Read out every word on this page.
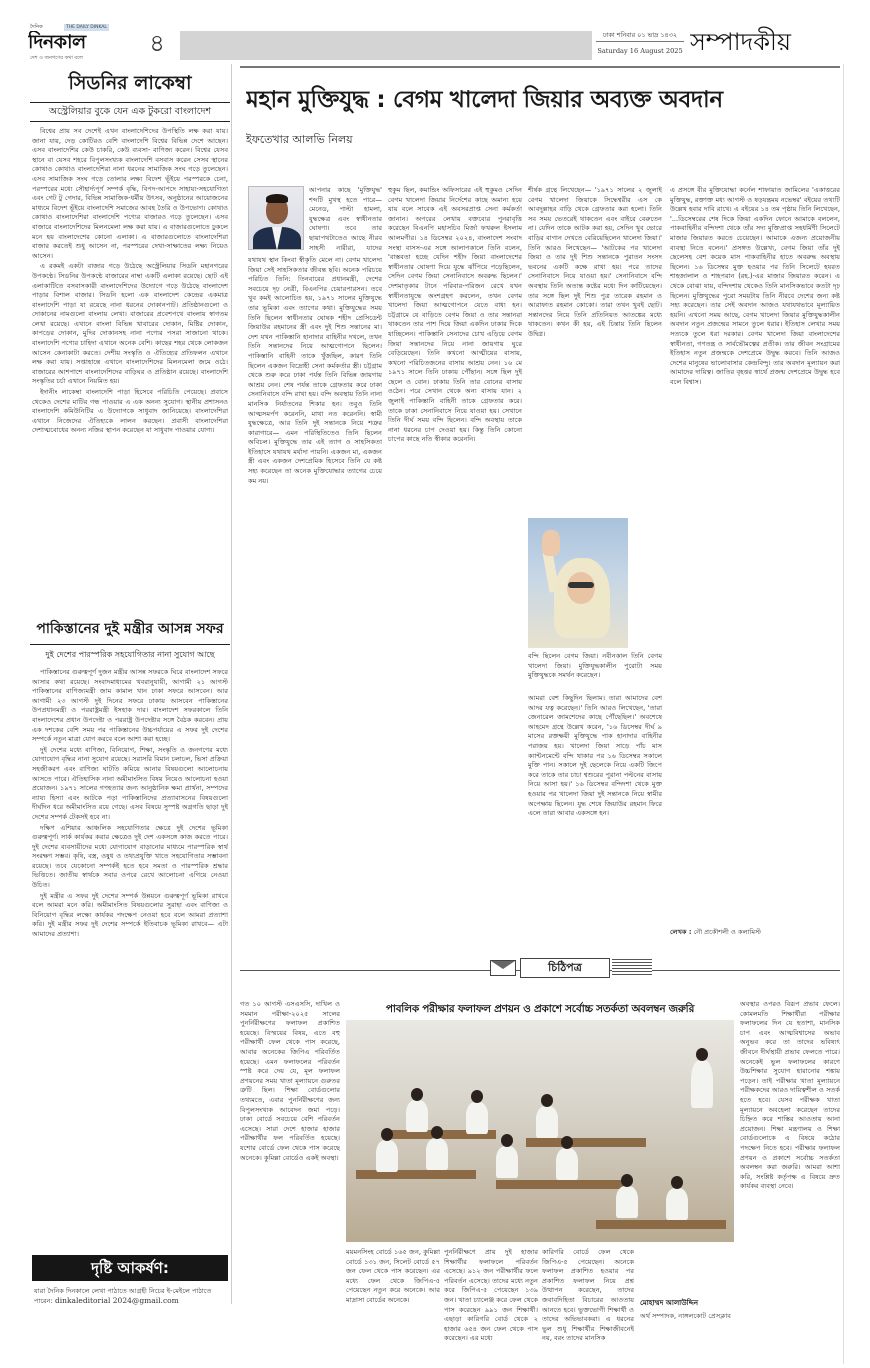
দৈনিক	THE DAILY DINKAL
দিনকাল
দেশ ও জনগণের কথা বলে
৪	ঢাকা শনিবার ০১ ভাদ্র ১৪৩২
Saturday 16 August 2025 সম্পাদকীয়
সিডনির লাকেম্বা
অস্ট্রেলিয়ার বুকে যেন এক টুকরো বাংলাদেশ

বিশ্বের প্রায় সব দেশেই এখন বাংলাদেশিদের উপস্থিতি লক্ষ করা যায়। জানা যায়, দেড় কোটিরও বেশি বাংলাদেশি বিশ্বের বিভিন্ন দেশে আছেন। এসব বাংলাদেশির কেউ চাকরি, কেউ ব্যবসা- বাণিজ্য করেন। বিশ্বের যেসব স্থানে বা যেসব শহরে বিপুলসংখ্যক বাংলাদেশি বসবাস করেন সেসব স্থানের কোথাও কোথাও বাংলাদেশিরা নানা ধরনের সামাজিক সংঘ গড়ে তুলেছেন। এসব সামাজিক সংঘ গড়ে তোলার লক্ষ্য বিদেশ ভূঁইয়ে পরস্পরকে চেনা, পরস্পরের মধ্যে সৌহার্দ্যপূর্ণ সম্পর্ক বৃদ্ধি, বিপদ-আপদে সাহায্য-সহযোগিতা এবং গেট টু গেদার, বিভিন্ন সামাজিক-ধর্মীয় উৎসব, অনুষ্ঠানের আয়োজনের মাধ্যমে বিদেশ ভূঁইয়ে বাংলাদেশি সমাজের আবহ তৈরি ও উপভোগ। কোথাও কোথাও বাংলাদেশিরা বাংলাদেশি পণ্যের বাজারও গড়ে তুলেছেন। এসব বাজারে বাংলাদেশিদের মিলনমেলা লক্ষ করা যায়। এ বাজারগুলোতে ঢুকলে মনে হয় বাংলাদেশের কোনো এলাকা। এ বাজারগুলোতে বাংলাদেশিরা বাজার করতেই শুধু আসেন না, পরস্পরের দেখা-সাক্ষাতের লক্ষ্য নিয়েও আসেন।

এ রকমই একটা বাজার গড়ে উঠেছে অস্ট্রেলিয়ার সিডনি মহানগরের উপকণ্ঠে। সিডনির উপকণ্ঠে বাজারের নাম্বা একটি এলাকা রয়েছে। ছোট এই এলাকাটিতে বসবাসকারী বাংলাদেশিদের উদ্যোগে গড়ে উঠেছে বাংলাদেশ পাড়ার বিশাল বাজার। সিডনি হলো এক বাংলাদেশ কেন্দ্রের একমাত্র বাংলাদেশি পাড়া যা রয়েছে নানা ধরনের দোকানপাট। প্রতিষ্ঠানগুলো ও দোকানের নামগুলো বাংলায় লেখা। বাজারের প্রবেশপথে বাংলায় স্বাগতম লেখা রয়েছে। এখানে বাংলা বিভিন্ন খাবারের দোকান, মিষ্টির দোকান, কাপড়ের দোকান, মুদির দোকানসহ নানা পণ্যের পসরা সাজানো থাকে। বাংলাদেশি পণ্যের চাহিদা এখানে অনেক বেশি। কাছের শহর থেকে লোকজন আসেন কেনাকাটা করতে। দেশীয় সংস্কৃতি ও ঐতিহ্যের প্রতিফলন এখানে লক্ষ করা যায়। সপ্তাহান্তে এখানে বাংলাদেশিদের মিলনমেলা জমে ওঠে। বাজারের আশপাশে বাংলাদেশিদের বাড়িঘর ও প্রতিষ্ঠান রয়েছে। বাংলাদেশি সংস্কৃতির চর্চা এখানে নিয়মিত হয়।

ইদানীং লাকেম্বা বাংলাদেশি পাড়া হিসেবে পরিচিতি পেয়েছে। প্রবাসে থেকেও দেশের মাটির গন্ধ পাওয়ার এ এক অনন্য সুযোগ। স্থানীয় প্রশাসনও বাংলাদেশি কমিউনিটির এ উদ্যোগকে সাধুবাদ জানিয়েছে। বাংলাদেশিরা এখানে নিজেদের ঐতিহ্যকে লালন করছেন। প্রবাসী বাংলাদেশিরা দেশাত্মবোধের অনন্য নজির স্থাপন করেছেন যা সাধুবাদ পাওয়ার যোগ্য।

পাকিস্তানের দুই মন্ত্রীর আসন্ন সফর
দুই দেশের পারস্পরিক সহযোগিতার নানা সুযোগ আছে

পাকিস্তানের গুরুত্বপূর্ণ দুজন মন্ত্রীর আসন্ন সফরকে ঘিরে বাংলাদেশ সফরে আসার কথা রয়েছে। সংবাদমাধ্যমের খবরানুযায়ী, আগামী ২১ আগস্ট পাকিস্তানের বাণিজ্যমন্ত্রী জাম কামাল খান ঢাকা সফরে আসবেন। আর আগামী ২৩ আগস্ট দুই দিনের সফরে ঢাকায় আসবেন পাকিস্তানের উপপ্রধানমন্ত্রী ও পররাষ্ট্রমন্ত্রী ইসহাক দার। বাংলাদেশ সফরকালে তিনি বাংলাদেশের প্রধান উপদেষ্টা ও পররাষ্ট্র উপদেষ্টার সঙ্গে বৈঠক করবেন। প্রায় এক দশকের বেশি সময় পর পাকিস্তানের উচ্চপর্যায়ের এ সফর দুই দেশের সম্পর্কে নতুন মাত্রা যোগ করবে বলে আশা করা হচ্ছে।

দুই দেশের মধ্যে বাণিজ্য, বিনিয়োগ, শিক্ষা, সংস্কৃতি ও জনগণের মধ্যে যোগাযোগ বৃদ্ধির নানা সুযোগ রয়েছে। সরাসরি বিমান চলাচল, ভিসা প্রক্রিয়া সহজীকরণ এবং বাণিজ্য ঘাটতি কমিয়ে আনার বিষয়গুলো আলোচনায় আসতে পারে। ঐতিহাসিক নানা অমীমাংসিত বিষয় নিয়েও আলোচনা হওয়া প্রয়োজন। ১৯৭১ সালের গণহত্যার জন্য আনুষ্ঠানিক ক্ষমা প্রার্থনা, সম্পদের ন্যায্য হিস্যা এবং আটকে পড়া পাকিস্তানিদের প্রত্যাবাসনের বিষয়গুলো দীর্ঘদিন ধরে অমীমাংসিত রয়ে গেছে। এসব বিষয়ে সুস্পষ্ট অগ্রগতি ছাড়া দুই দেশের সম্পর্ক টেকসই হবে না।

দক্ষিণ এশিয়ার আঞ্চলিক সহযোগিতার ক্ষেত্রে দুই দেশের ভূমিকা গুরুত্বপূর্ণ। সার্ক কার্যকর করার ক্ষেত্রেও দুই দেশ একসঙ্গে কাজ করতে পারে। দুই দেশের ব্যবসায়ীদের মধ্যে যোগাযোগ বাড়ানোর মাধ্যমে পারস্পরিক স্বার্থ সংরক্ষণ সম্ভব। কৃষি, বস্ত্র, ওষুধ ও তথ্যপ্রযুক্তি খাতে সহযোগিতার সম্ভাবনা রয়েছে। তবে যেকোনো সম্পর্কই হতে হবে সমতা ও পারস্পরিক শ্রদ্ধার ভিত্তিতে। জাতীয় স্বার্থকে সবার ওপরে রেখে আলোচনা এগিয়ে নেওয়া উচিত।

দুই মন্ত্রীর এ সফর দুই দেশের সম্পর্ক উন্নয়নে গুরুত্বপূর্ণ ভূমিকা রাখবে বলে আমরা মনে করি। অমীমাংসিত বিষয়গুলোর সুরাহা এবং বাণিজ্য ও বিনিয়োগ বৃদ্ধির লক্ষ্যে কার্যকর পদক্ষেপ নেওয়া হবে বলে আমরা প্রত্যাশা করি। দুই মন্ত্রীর সফর দুই দেশের সম্পর্কে ইতিবাচক ভূমিকা রাখবে— এটা আমাদের প্রত্যাশা।

দৃষ্টি আকর্ষণ:
যারা দৈনিক দিনকালে লেখা পাঠাতে আগ্রহী নিচের ই-মেইলে পাঠাতে পারেন: dinkaleditorial 2024@gmail.com
মহান মুক্তিযুদ্ধ : বেগম খালেদা জিয়ার অব্যক্ত অবদান
ইফতেখার আলভি নিলয়
আপনার কাছে 'মুক্তিযুদ্ধ' শব্দটি মুখস্থ হতে পারে— মেনেড, পাল্টা হামলা, যুদ্ধক্ষেত্র এবং স্বাধীনতার ঘোষণা। তবে তার ছায়াপথটাতেও আছে নীরব সাহসী নারীরা, যাদের
যথাযথ স্থান কিংবা স্বীকৃতি মেলে না। বেগম খালেদা জিয়া সেই সাহসিকতার জীবন্ত ছবি। অনেক পরিচয়ে পরিচিত তিনি: তিনবারের প্রধানমন্ত্রী, দেশের সবচেয়ে দৃঢ় নেত্রী, বিএনপির চেয়ারপারসন। তবে খুব কমই আলোচিত হয়, ১৯৭১ সালের মুক্তিযুদ্ধে তার ভূমিকা এবং ত্যাগের কথা। মুক্তিযুদ্ধের সময় তিনি ছিলেন স্বাধীনতার ঘোষক শহীদ প্রেসিডেন্ট জিয়াউর রহমানের স্ত্রী এবং দুই শিশু সন্তানের মা। দেশ যখন পাকিস্তানি হানাদার বাহিনীর দখলে, তখন তিনি সন্তানদের নিয়ে আত্মগোপনে ছিলেন। পাকিস্তানি বাহিনী তাকে খুঁজছিল, কারণ তিনি ছিলেন একজন বিদ্রোহী সেনা কর্মকর্তার স্ত্রী। চট্টগ্রাম থেকে শুরু করে ঢাকা পর্যন্ত তিনি বিভিন্ন জায়গায় আশ্রয় নেন। শেষ পর্যন্ত তাকে গ্রেফতার করে ঢাকা সেনানিবাসে বন্দি রাখা হয়। বন্দি অবস্থায় তিনি নানা মানসিক নির্যাতনের শিকার হন। তবুও তিনি আত্মসমর্পণ করেননি, মাথা নত করেননি। স্বামী যুদ্ধক্ষেত্রে, আর তিনি দুই সন্তানকে নিয়ে শত্রুর কারাগারে— এমন পরিস্থিতিতেও তিনি ছিলেন অবিচল। মুক্তিযুদ্ধে তার এই ত্যাগ ও সাহসিকতা ইতিহাসে যথাযথ মর্যাদা পায়নি। একজন মা, একজন স্ত্রী এবং একজন দেশপ্রেমিক হিসেবে তিনি যে কষ্ট সহ্য করেছেন তা অনেক মুক্তিযোদ্ধার ত্যাগের চেয়ে কম নয়।
হুকুম ছিল, কমান্ডিং অফিসারের এই হুকুমও সেদিন বেগম খালেদা জিয়ার নির্দেশের কাছে অমান্য হয়ে যায় বলে সাবেক এই অবসরপ্রাপ্ত সেনা কর্মকর্তা জানান। অপরের লেখায় বক্তব্যের পুনরাবৃত্তি করেছেন বিএনপি মহাসচিব মির্জা ফখরুল ইসলাম আলমগীর। ১৪ ডিসেম্বর ২০২৪, বাংলাদেশ সংবাদ সংস্থা বাসস-এর সঙ্গে আলাপকালে তিনি বলেন, 'বাস্তবতা হচ্ছে যেদিন শহীদ জিয়া বাংলাদেশের স্বাধীনতার ঘোষণা দিয়ে যুদ্ধে ঝাঁপিয়ে পড়েছিলেন, সেদিন বেগম জিয়া সেনানিবাসে অবরুদ্ধ ছিলেন।' দেশমাতৃকার টানে পরিবার-পরিজন রেখে যখন স্বাধীনতাযুদ্ধে অংশগ্রহণ করলেন, তখন বেগম খালেদা জিয়া আত্মগোপনে যেতে বাধ্য হন। চট্টগ্রামে যে বাড়িতে বেগম জিয়া ও তার সন্তানরা থাকতেন তার পাশ দিয়ে জিয়া একদিন ঢাকার দিকে যাচ্ছিলেন। পাকিস্তানি সেনাদের চোখ এড়িয়ে বেগম জিয়া সন্তানদের নিয়ে নানা জায়গায় ঘুরে বেড়িয়েছেন। তিনি কখনো আত্মীয়ের বাসায়, কখনো পরিচিতজনের বাসায় আশ্রয় নেন। ১৬ মে ১৯৭১ সালে তিনি ঢাকায় পৌঁছান। সঙ্গে ছিল দুই ছেলে ও বোন। ঢাকায় তিনি তার বোনের বাসায় ওঠেন। পরে সেখান থেকে অন্য বাসায় যান। ২ জুলাই পাকিস্তানি বাহিনী তাকে গ্রেফতার করে। তাকে ঢাকা সেনানিবাসে নিয়ে যাওয়া হয়। সেখানে তিনি দীর্ঘ সময় বন্দি ছিলেন। বন্দি অবস্থায় তাকে নানা ধরনের চাপ দেওয়া হয়। কিন্তু তিনি কোনো চাপের কাছে নতি স্বীকার করেননি।
শীর্ষক গ্রন্থে লিখেছেন— '১৯৭১ সালের ২ জুলাই বেগম খালেদা জিয়াকে সিদ্ধেশ্বরীর এস কে আবদুল্লাহর বাড়ি থেকে গ্রেফতার করা হলো। তিনি সব সময় ভেতরেই থাকতেন এবং বাইরে বেরুতেন না। যেদিন তাকে আটক করা হয়, সেদিন খুব ভোরে বাড়ির বাগান দেখতে বেরিয়েছিলেন খালেদা জিয়া।' তিনি আরও লিখেছেন— 'আটকের পর খালেদা জিয়া ও তার দুই শিশু সন্তানকে পুরাতন সংসদ ভবনের একটি কক্ষে রাখা হয়। পরে তাদের সেনানিবাসে নিয়ে যাওয়া হয়।' সেনানিবাসে বন্দি অবস্থায় তিনি অত্যন্ত কষ্টের মধ্যে দিন কাটিয়েছেন। তার সঙ্গে ছিল দুই শিশু পুত্র তারেক রহমান ও আরাফাত রহমান কোকো। তারা তখন খুবই ছোট। সন্তানদের নিয়ে তিনি প্রতিনিয়ত আতঙ্কের মধ্যে থাকতেন। কখন কী হয়, এই চিন্তায় তিনি ছিলেন উদ্বিগ্ন।
বন্দি ছিলেন বেগম জিয়া। নবীনকাল তিনি বেগম খালেদা জিয়া। মুক্তিযুদ্ধকালীন পুরোটা সময় মুক্তিযুদ্ধকে সমর্থন করেছেন।
আমরা বেশ কিছুদিন ছিলাম। তারা আমাদের বেশ আদর যত্ন করেছেন।' তিনি আরও লিখেছেন, 'তারা জেনারেল জামশেদের কাছে পৌঁছেছিল।' অবশেষে আহমেদ গ্রন্থে উল্লেখ করেন, '১৬ ডিসেম্বর দীর্ঘ ৯ মাসের রক্তক্ষয়ী মুক্তিযুদ্ধে পাক হানাদার বাহিনীর পরাজয় হয়। খালেদা জিয়া সাড়ে পাঁচ মাস ক্যান্টনমেন্টে বন্দি থাকার পর ১৬ ডিসেম্বর সকালে মুক্তি পান। সকালে দুই ছেলেকে নিয়ে একটি জিপে করে তাকে তার চাচা শ্বশুরের পুরানা পল্টনের বাসায় নিয়ে আসা হয়।' ১৬ ডিসেম্বর বন্দিদশা থেকে মুক্ত হওয়ার পর খালেদা জিয়া দুই সন্তানকে নিয়ে স্বামীর অপেক্ষায় ছিলেন। যুদ্ধ শেষে জিয়াউর রহমান ফিরে এলে তারা আবার একসঙ্গে হন।
এ প্রসঙ্গে বীর মুক্তিযোদ্ধা কর্নেল শাফায়াত জামিলের 'একাত্তরের মুক্তিযুদ্ধ, রক্তাক্ত মধ্য আগস্ট ও ষড়যন্ত্রময় নভেম্বর' বইয়ের তথ্যটি উল্লেখ হবার দাবি রাখে। এ বইয়ের ১৪ তম পৃষ্ঠায় তিনি লিখেছেন, '...ডিসেম্বরের শেষ দিকে জিয়া একদিন ফোনে আমাকে বললেন, পাকবাহিনীর বন্দিদশা থেকে তাঁর সদ্য মুক্তিপ্রাপ্ত সহধর্মিণী সিলেটে মাজার জিয়ারত করতে চেয়েছেন। আমাকে এজন্য প্রয়োজনীয় ব্যবস্থা নিতে বলেন।' প্রসঙ্গত উল্লেখ্য, বেগম জিয়া তাঁর দুই ছেলেসহ বেশ কয়েক মাস পাকবাহিনীর হাতে অবরুদ্ধ অবস্থায় ছিলেন। ১৬ ডিসেম্বর মুক্ত হওয়ার পর তিনি সিলেটে হযরত শাহজালাল ও শাহপরান (রহ.)-এর মাজার জিয়ারত করেন। এ থেকে বোঝা যায়, বন্দিদশায় থেকেও তিনি মানসিকভাবে কতটা দৃঢ় ছিলেন। মুক্তিযুদ্ধের পুরো সময়টায় তিনি নীরবে দেশের জন্য কষ্ট সহ্য করেছেন। তার সেই অবদান আজও যথাযথভাবে মূল্যায়িত হয়নি। এখনো সময় আছে, বেগম খালেদা জিয়ার মুক্তিযুদ্ধকালীন অবদান নতুন প্রজন্মের সামনে তুলে ধরার। ইতিহাস লেখার সময় সত্যকে তুলে ধরা দরকার। বেগম খালেদা জিয়া বাংলাদেশের স্বাধীনতা, গণতন্ত্র ও সার্বভৌমত্বের প্রতীক। তার জীবন সংগ্রামের ইতিহাস নতুন প্রজন্মকে দেশপ্রেমে উদ্বুদ্ধ করবে। তিনি আজও দেশের মানুষের ভালোবাসার কেন্দ্রবিন্দু। তার অবদান মূল্যায়ন করা আমাদের দায়িত্ব। জাতির বৃহত্তর স্বার্থে প্রজন্ম দেশপ্রেমে উদ্বুদ্ধ হবে বলে বিশ্বাস।
লেখক : নৌ প্রকৌশলী ও কলামিস্ট
চিঠিপত্র
গত ১০ আগস্ট এসএসসি, দাখিল ও সমমান পরীক্ষা-২০২৫ সালের পুনর্নিরীক্ষণের ফলাফল প্রকাশিত হয়েছে। বিস্ময়ের বিষয়, এতে বহু পরীক্ষার্থী ফেল থেকে পাস করেছে, আবার অনেকের জিপিএ পরিবর্তিত হয়েছে। এমন ফলাফলের পরিবর্তন স্পষ্ট করে দেয় যে, মূল ফলাফল প্রণয়নের সময় খাতা মূল্যায়নে গুরুতর ত্রুটি ছিল। শিক্ষা বোর্ডগুলোর তথ্যমতে, এবার পুনর্নিরীক্ষণের জন্য বিপুলসংখ্যক আবেদন জমা পড়ে। ঢাকা বোর্ডে সবচেয়ে বেশি পরিবর্তন এসেছে। সারা দেশে হাজার হাজার পরীক্ষার্থীর ফল পরিবর্তিত হয়েছে। যশোর বোর্ডে ফেল থেকে পাস করেছে অনেকে। কুমিল্লা বোর্ডেও একই অবস্থা।
পাবলিক পরীক্ষার ফলাফল প্রণয়ন ও প্রকাশে সর্বোচ্চ সতর্কতা অবলম্বন জরুরি
ময়মনসিংহ বোর্ডে ১৬৫ জন, কুমিল্লা বোর্ডে ১৩১ জন, সিলেট বোর্ডে ৫৭ জন ফেল থেকে পাস করেছেন। এর মধ্যে ফেল থেকে জিপিএ-৫ পেয়েছেন নতুন করে অনেকে। আর মাদ্রাসা বোর্ডের অনেকে।
পুনর্নিরীক্ষণে প্রায় দুই হাজার শিক্ষার্থীর ফলাফলে পরিবর্তন এসেছে। ৯১২ জন পরীক্ষার্থীর ফলে পরিবর্তন এসেছে। তাদের মধ্যে নতুন করে জিপিএ-৫ পেয়েছেন ১৩৯ জন। খাতা চ্যালেঞ্জ করে ফেল থেকে পাস করেছেন ৯৯১ জন শিক্ষার্থী। এছাড়া কারিগরি বোর্ড থেকে ২ হাজার ৬৫৪ জন ফেল থেকে পাস করেছেন। এর মধ্যে
কারিগরি বোর্ডে ফেল থেকে জিপিএ-৫ পেয়েছেন। অনেকে ফলাফল প্রকাশিত হওয়ার পর প্রকাশিত ফলাফল নিয়ে প্রশ্ন উত্থাপন করেছেন, তাদের জবাবদিহিতা বিচারের আওতায় আনতে হবে। ভুক্তভোগী শিক্ষার্থী ও তাদের অভিভাবকরা। এ ধরনের ভুল শুধু শিক্ষার্থীর শিক্ষাজীবনেই নয়, বরং তাদের মানসিক
অবস্থার ওপরও বিরূপ প্রভাব ফেলে। কোমলমতি শিক্ষার্থীরা পরীক্ষার ফলাফলের দিন যে হতাশা, মানসিক চাপ এবং আত্মবিশ্বাসের অভাব অনুভব করে তা তাদের ভবিষ্যৎ জীবনে দীর্ঘস্থায়ী প্রভাব ফেলতে পারে। অনেকেই ভুল ফলাফলের কারণে উচ্চশিক্ষার সুযোগ হারানোর শঙ্কায় পড়েন। তাই পরীক্ষার খাতা মূল্যায়নে পরীক্ষকদের আরও দায়িত্বশীল ও সতর্ক হতে হবে। যেসব পরীক্ষক খাতা মূল্যায়নে অবহেলা করেছেন তাদের চিহ্নিত করে শাস্তির আওতায় আনা প্রয়োজন। শিক্ষা মন্ত্রণালয় ও শিক্ষা বোর্ডগুলোকে এ বিষয়ে কঠোর পদক্ষেপ নিতে হবে। পরীক্ষার ফলাফল প্রণয়ন ও প্রকাশে সর্বোচ্চ সতর্কতা অবলম্বন করা জরুরি। আমরা আশা করি, সংশ্লিষ্ট কর্তৃপক্ষ এ বিষয়ে দ্রুত কার্যকর ব্যবস্থা নেবে।
মোহাম্মদ আলাউদ্দিন
অর্থ সম্পাদক, নাঙ্গলকোট প্রেসক্লাব
